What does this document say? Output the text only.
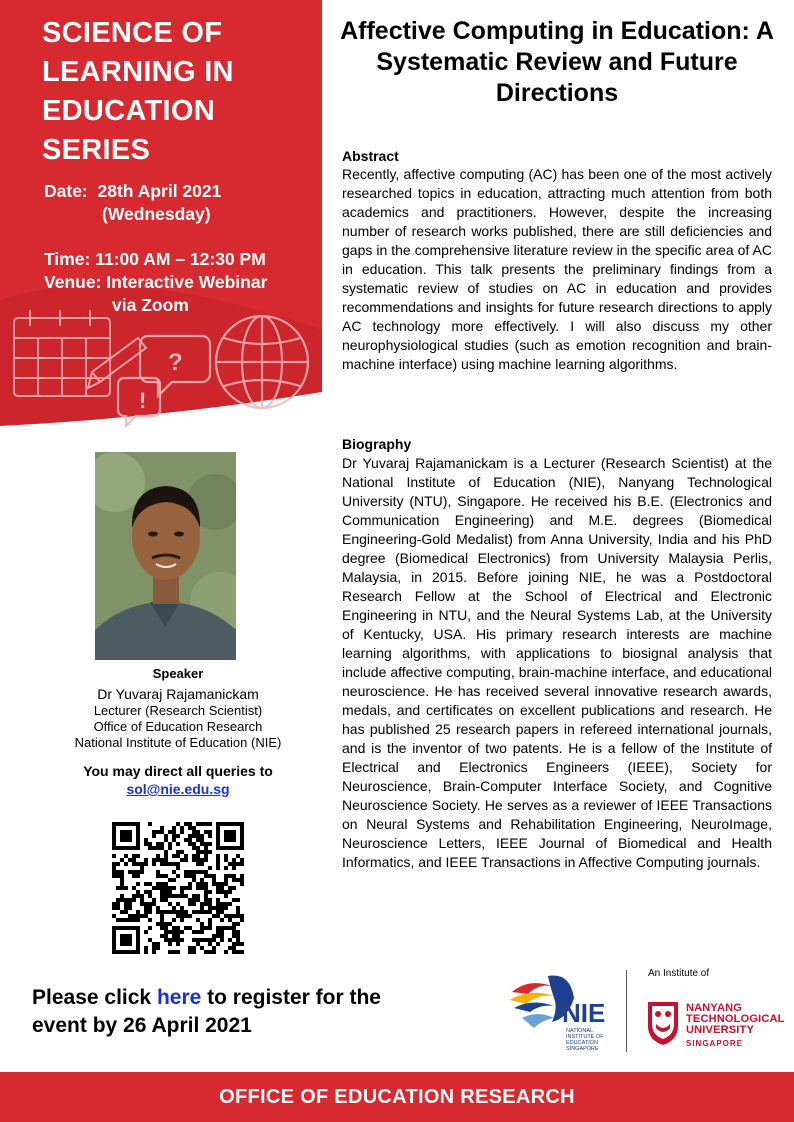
?
!
SCIENCE OF
LEARNING IN
EDUCATION
SERIES
Date: 28th April 2021
(Wednesday)
Time: 11:00 AM – 12:30 PM
Venue: Interactive Webinar
via Zoom
Affective Computing in Education: A Systematic Review and Future Directions
Abstract
Recently, affective computing (AC) has been one of the most actively researched topics in education, attracting much attention from both academics and practitioners. However, despite the increasing number of research works published, there are still deficiencies and gaps in the comprehensive literature review in the specific area of AC in education. This talk presents the preliminary findings from a systematic review of studies on AC in education and provides recommendations and insights for future research directions to apply AC technology more effectively. I will also discuss my other neurophysiological studies (such as emotion recognition and brain-machine interface) using machine learning algorithms.
Biography
Dr Yuvaraj Rajamanickam is a Lecturer (Research Scientist) at the National Institute of Education (NIE), Nanyang Technological University (NTU), Singapore. He received his B.E. (Electronics and Communication Engineering) and M.E. degrees (Biomedical Engineering-Gold Medalist) from Anna University, India and his PhD degree (Biomedical Electronics) from University Malaysia Perlis, Malaysia, in 2015. Before joining NIE, he was a Postdoctoral Research Fellow at the School of Electrical and Electronic Engineering in NTU, and the Neural Systems Lab, at the University of Kentucky, USA. His primary research interests are machine learning algorithms, with applications to biosignal analysis that include affective computing, brain-machine interface, and educational neuroscience. He has received several innovative research awards, medals, and certificates on excellent publications and research. He has published 25 research papers in refereed international journals, and is the inventor of two patents. He is a fellow of the Institute of Electrical and Electronics Engineers (IEEE), Society for Neuroscience, Brain-Computer Interface Society, and Cognitive Neuroscience Society. He serves as a reviewer of IEEE Transactions on Neural Systems and Rehabilitation Engineering, NeuroImage, Neuroscience Letters, IEEE Journal of Biomedical and Health Informatics, and IEEE Transactions in Affective Computing journals.
Speaker
Dr Yuvaraj Rajamanickam
Lecturer (Research Scientist)
Office of Education Research
National Institute of Education (NIE)
You may direct all queries to
sol@nie.edu.sg
Please click here to register for the event by 26 April 2021	NIE
NATIONAL
INSTITUTE OF
EDUCATION
SINGAPORE
An Institute of
NANYANG
TECHNOLOGICAL
UNIVERSITY
SINGAPORE
OFFICE OF EDUCATION RESEARCH
